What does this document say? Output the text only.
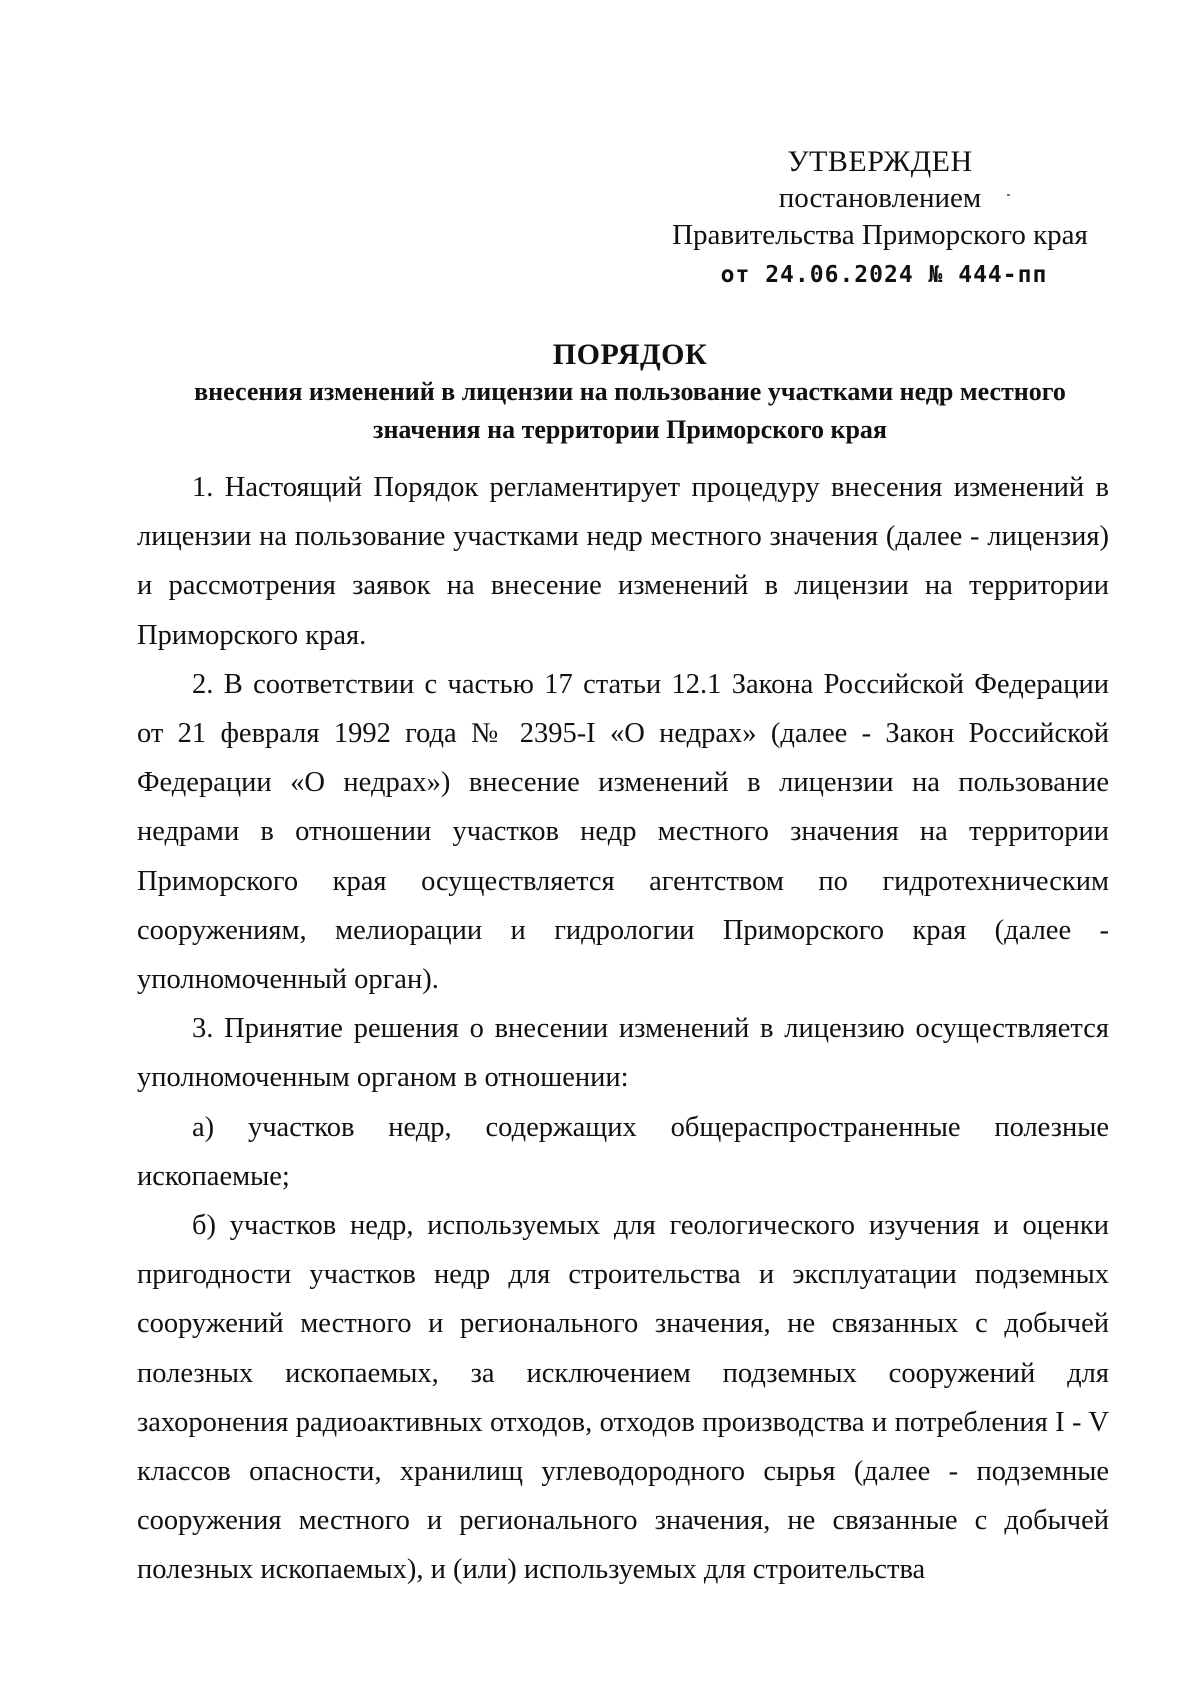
УТВЕРЖДЕН
постановлением
Правительства Приморского края
от 24.06.2024 № 444-пп
ПОРЯДОК
внесения изменений в лицензии на пользование участками недр местного
значения на территории Приморского края

1. Настоящий Порядок регламентирует процедуру внесения изменений в лицензии на пользование участками недр местного значения (далее - лицензия) и рассмотрения заявок на внесение изменений в лицензии на территории Приморского края.

2. В соответствии с частью 17 статьи 12.1 Закона Российской Федерации от 21 февраля 1992 года № 2395-I «О недрах» (далее - Закон Российской Федерации «О недрах») внесение изменений в лицензии на пользование недрами в отношении участков недр местного значения на территории Приморского края осуществляется агентством по гидротехническим сооружениям, мелиорации и гидрологии Приморского края (далее - уполномоченный орган).

3. Принятие решения о внесении изменений в лицензию осуществляется уполномоченным органом в отношении:

а) участков недр, содержащих общераспространенные полезные ископаемые;

б) участков недр, используемых для геологического изучения и оценки пригодности участков недр для строительства и эксплуатации подземных сооружений местного и регионального значения, не связанных с добычей полезных ископаемых, за исключением подземных сооружений для захоронения радиоактивных отходов, отходов производства и потребления I - V классов опасности, хранилищ углеводородного сырья (далее - подземные сооружения местного и регионального значения, не связанные с добычей полезных ископаемых), и (или) используемых для строительства
